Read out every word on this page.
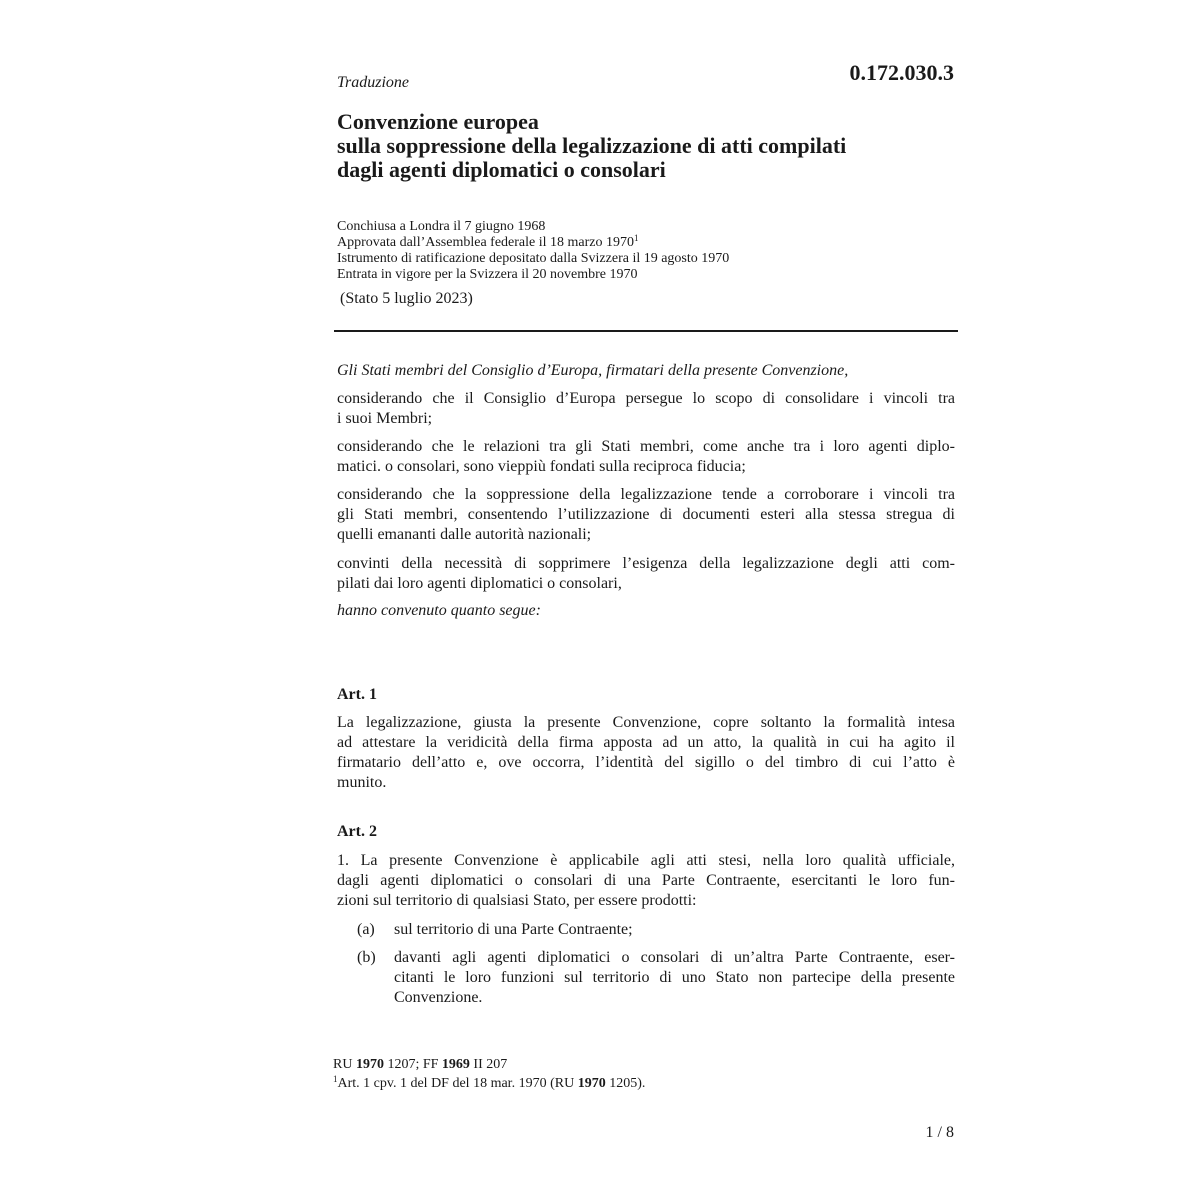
Traduzione	0.172.030.3
Convenzione europea
sulla soppressione della legalizzazione di atti compilati
dagli agenti diplomatici o consolari
Conchiusa a Londra il 7 giugno 1968
Approvata dall’Assemblea federale il 18 marzo 1970$^1$
Istrumento di ratificazione depositato dalla Svizzera il 19 agosto 1970
Entrata in vigore per la Svizzera il 20 novembre 1970
(Stato 5 luglio 2023)
Gli Stati membri del Consiglio d’Europa, firmatari della presente Convenzione,
considerando che il Consiglio d’Europa persegue lo scopo di consolidare i vincoli tra
i suoi Membri;
considerando che le relazioni tra gli Stati membri, come anche tra i loro agenti diplo-
matici. o consolari, sono vieppiù fondati sulla reciproca fiducia;
considerando che la soppressione della legalizzazione tende a corroborare i vincoli tra
gli Stati membri, consentendo l’utilizzazione di documenti esteri alla stessa stregua di
quelli emananti dalle autorità nazionali;
convinti della necessità di sopprimere l’esigenza della legalizzazione degli atti com-
pilati dai loro agenti diplomatici o consolari,
hanno convenuto quanto segue:
Art. 1
La legalizzazione, giusta la presente Convenzione, copre soltanto la formalità intesa
ad attestare la veridicità della firma apposta ad un atto, la qualità in cui ha agito il
firmatario dell’atto e, ove occorra, l’identità del sigillo o del timbro di cui l’atto è
munito.
Art. 2
1. La presente Convenzione è applicabile agli atti stesi, nella loro qualità ufficiale,
dagli agenti diplomatici o consolari di una Parte Contraente, esercitanti le loro fun-
zioni sul territorio di qualsiasi Stato, per essere prodotti:
(a) sul territorio di una Parte Contraente;
(b) davanti agli agenti diplomatici o consolari di un’altra Parte Contraente, eser-
citanti le loro funzioni sul territorio di uno Stato non partecipe della presente
Convenzione.
RU 1970 1207; FF 1969 II 207
$^1$Art. 1 cpv. 1 del DF del 18 mar. 1970 (RU 1970 1205).
1 / 8
